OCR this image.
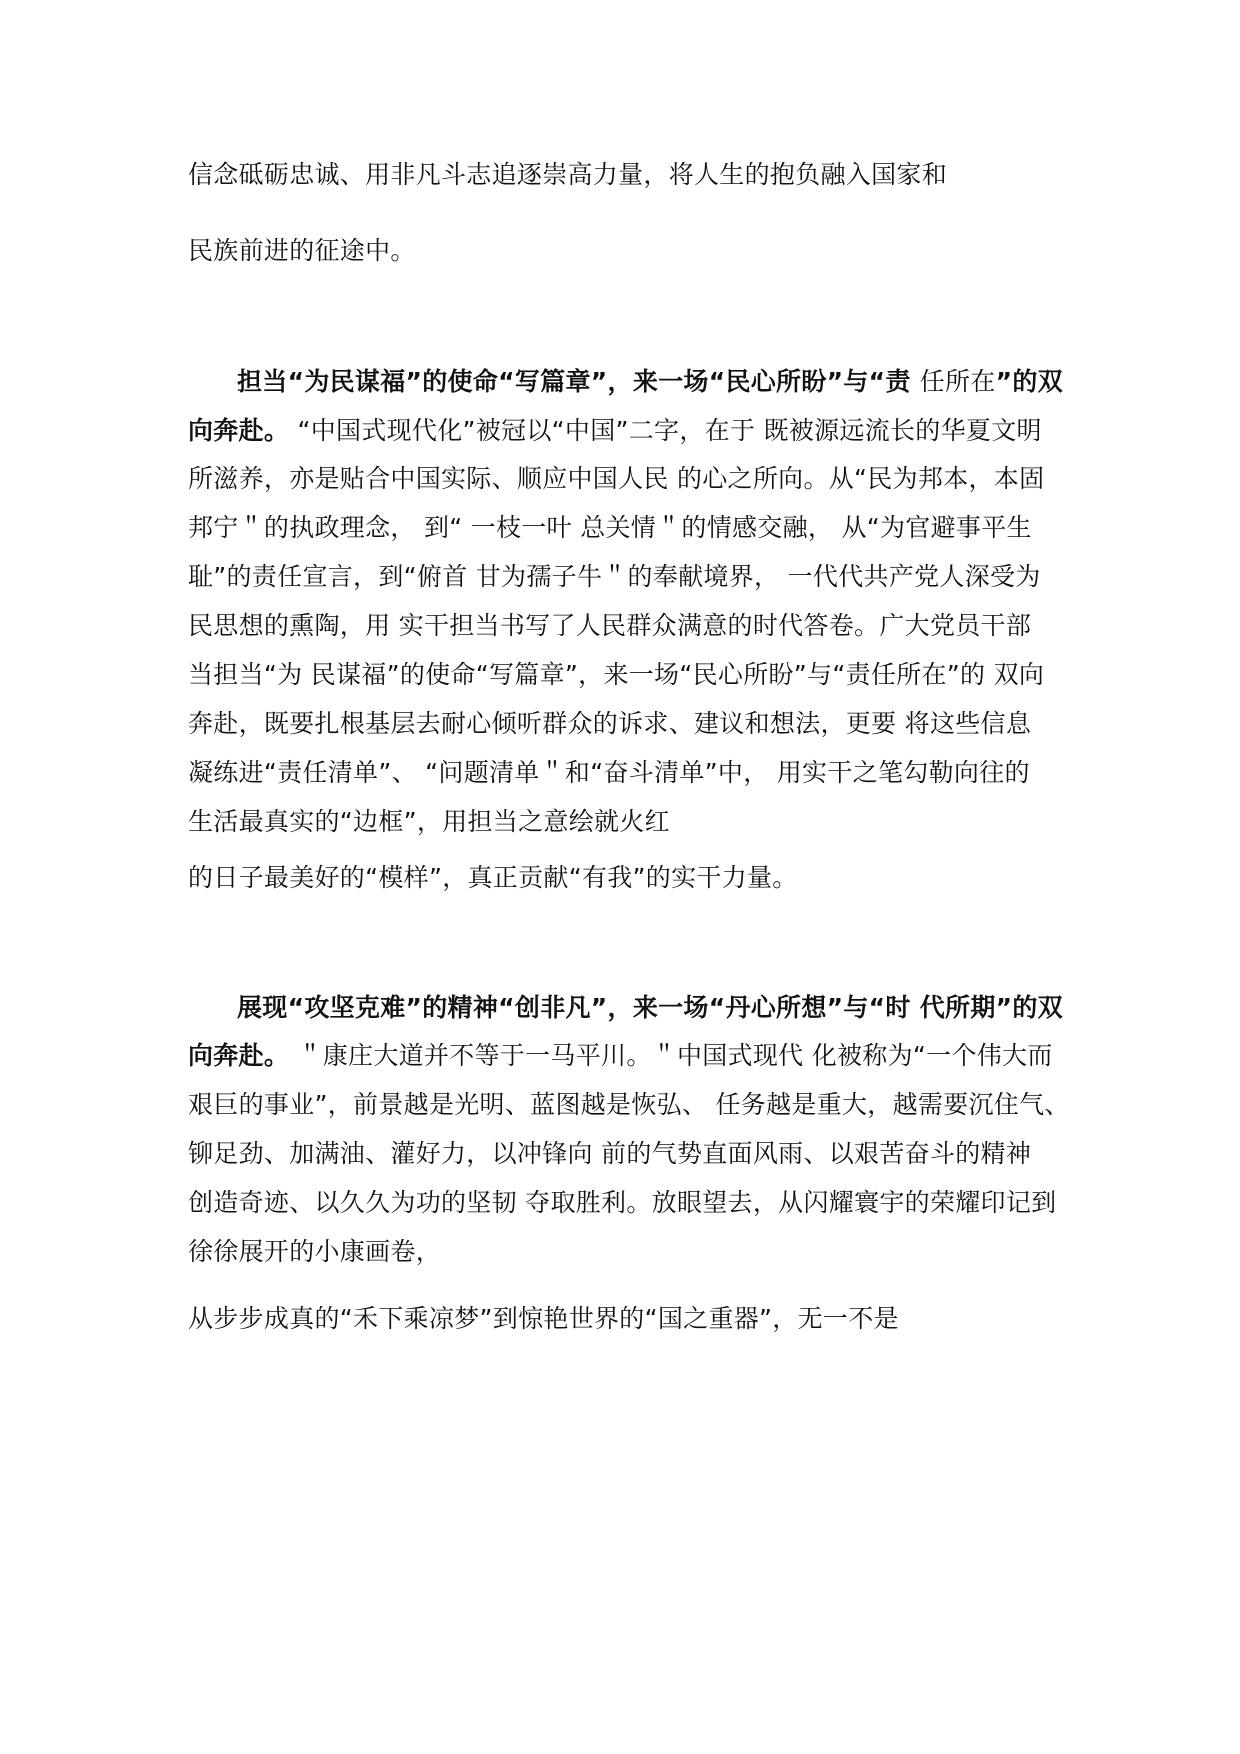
信念砥砺忠诚、用非凡斗志追逐崇高力量，将人生的抱负融入国家和
民族前进的征途中。
担当“为民谋福”的使命“写篇章”，来一场“民心所盼”与“责 任所在”的双
向奔赴。 “中国式现代化”被冠以“中国”二字，在于 既被源远流长的华夏文明
所滋养，亦是贴合中国实际、顺应中国人民 的心之所向。从“民为邦本，本固
邦宁＂的执政理念， 到“ 一枝一叶 总关情＂的情感交融， 从“为官避事平生
耻”的责任宣言，到“俯首 甘为孺子牛＂的奉献境界， 一代代共产党人深受为
民思想的熏陶，用 实干担当书写了人民群众满意的时代答卷。广大党员干部
当担当“为 民谋福”的使命“写篇章”，来一场“民心所盼”与“责任所在”的 双向
奔赴，既要扎根基层去耐心倾听群众的诉求、建议和想法，更要 将这些信息
凝练进“责任清单”、 “问题清单＂和“奋斗清单”中， 用实干之笔勾勒向往的
生活最真实的“边框”，用担当之意绘就火红
的日子最美好的“模样”，真正贡献“有我”的实干力量。
展现“攻坚克难”的精神“创非凡”，来一场“丹心所想”与“时 代所期”的双
向奔赴。 ＂康庄大道并不等于一马平川。＂中国式现代 化被称为“一个伟大而
艰巨的事业”，前景越是光明、蓝图越是恢弘、 任务越是重大，越需要沉住气、
铆足劲、加满油、灌好力，以冲锋向 前的气势直面风雨、以艰苦奋斗的精神
创造奇迹、以久久为功的坚韧 夺取胜利。放眼望去，从闪耀寰宇的荣耀印记到
徐徐展开的小康画卷，
从步步成真的“禾下乘凉梦”到惊艳世界的“国之重器”，无一不是
